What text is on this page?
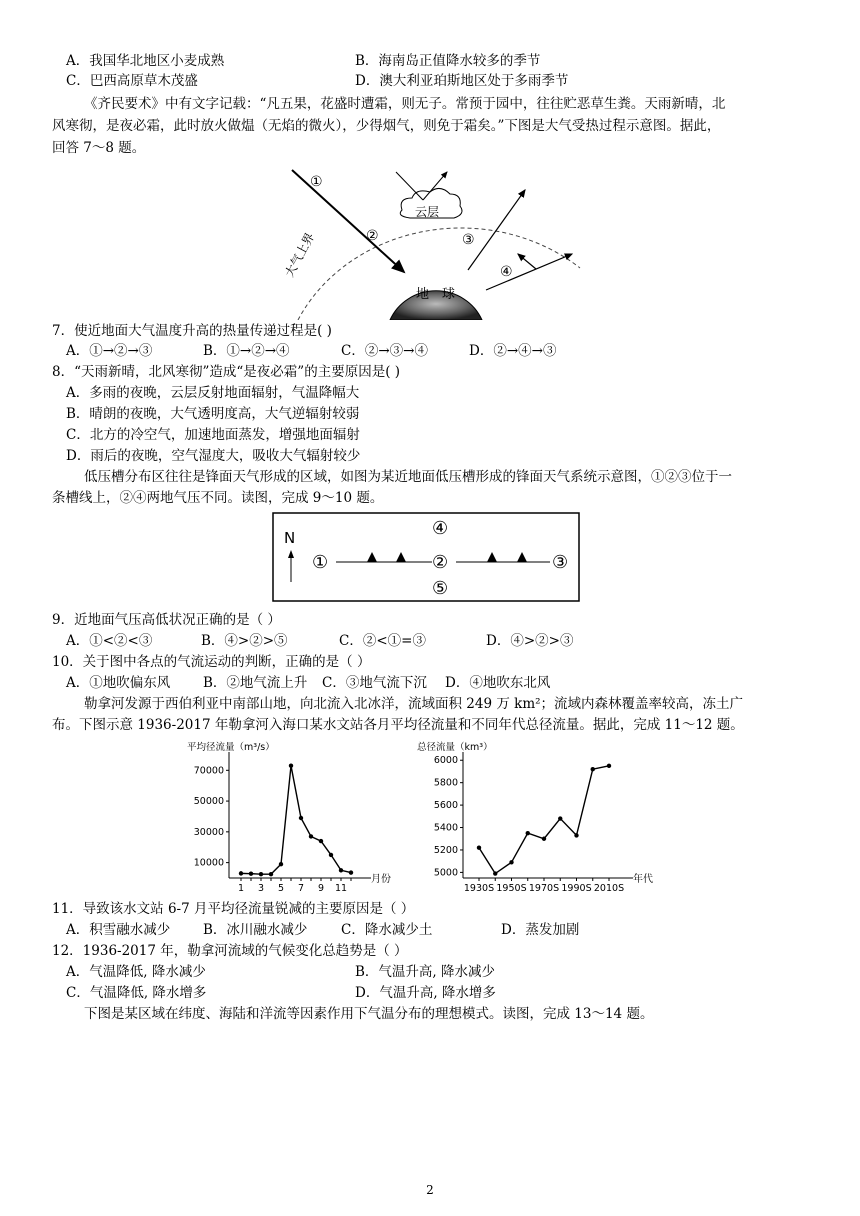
A．我国华北地区小麦成熟	B．海南岛正值降水较多的季节
C．巴西高原草木茂盛	D．澳大利亚珀斯地区处于多雨季节
《齐民要术》中有文字记载：“凡五果，花盛时遭霜，则无子。常预于园中，往往贮恶草生粪。天雨新晴，北
风寒彻，是夜必霜，此时放火做煴（无焰的微火），少得烟气，则免于霜矣。”下图是大气受热过程示意图。据此，
回答 7～8 题。
地 球
大气上界
云层
①
②	③
④
7．使近地面大气温度升高的热量传递过程是( )
A．①→②→③	B．①→②→④	C．②→③→④	D．②→④→③
8．“天雨新晴，北风寒彻”造成“是夜必霜”的主要原因是( )
A．多雨的夜晚，云层反射地面辐射，气温降幅大
B．晴朗的夜晚，大气透明度高，大气逆辐射较弱
C．北方的冷空气，加速地面蒸发，增强地面辐射
D．雨后的夜晚，空气湿度大，吸收大气辐射较少
低压槽分布区往往是锋面天气形成的区域，如图为某近地面低压槽形成的锋面天气系统示意图，①②③位于一
条槽线上，②④两地气压不同。读图，完成 9～10 题。
N
①	②	③
④
⑤
9．近地面气压高低状况正确的是（ ）
A．①<②<③	B．④>②>⑤	C．②<①=③	D．④>②>③
10．关于图中各点的气流运动的判断，正确的是（ ）
A．①地吹偏东风 B．②地气流上升 C．③地气流下沉 D．④地吹东北风
勒拿河发源于西伯利亚中南部山地，向北流入北冰洋，流域面积 249 万 km²；流域内森林覆盖率较高，冻土广
布。下图示意 1936-2017 年勒拿河入海口某水文站各月平均径流量和不同年代总径流量。据此，完成 11～12 题。
平均径流量（m³/s）
月份
10000
30000
50000
70000
1 3 5 7 9 11
总径流量（km³）
年代
5000
5200
5400
5600
5800
6000
1930S 1950S 1970S 1990S 2010S
11．导致该水文站 6-7 月平均径流量锐减的主要原因是（ ）
A．积雪融水减少 B．冰川融水减少 C．降水减少土	D．蒸发加剧
12．1936-2017 年，勒拿河流域的气候变化总趋势是（ ）
A．气温降低, 降水减少	B．气温升高, 降水减少
C．气温降低, 降水增多	D．气温升高, 降水增多
下图是某区域在纬度、海陆和洋流等因素作用下气温分布的理想模式。读图，完成 13～14 题。
2
